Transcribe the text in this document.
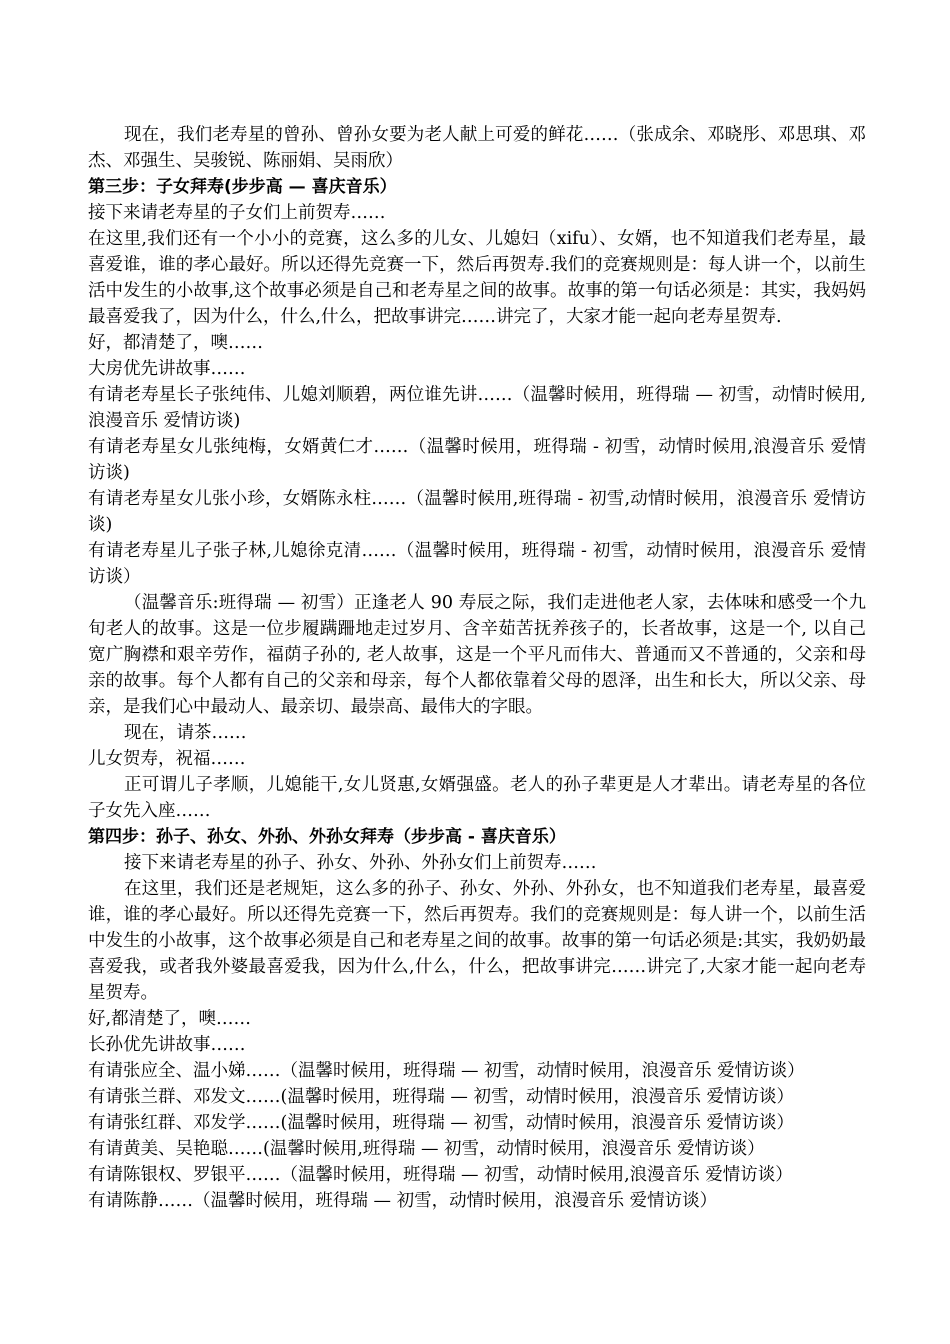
现在，我们老寿星的曾孙、曾孙女要为老人献上可爱的鲜花……（张成余、邓晓彤、邓思琪、邓杰、邓强生、吴骏锐、陈丽娟、吴雨欣）

第三步：子女拜寿(步步高 — 喜庆音乐）

接下来请老寿星的子女们上前贺寿……

在这里,我们还有一个小小的竞赛，这么多的儿女、儿媳妇（xifu）、女婿，也不知道我们老寿星，最喜爱谁，谁的孝心最好。所以还得先竞赛一下，然后再贺寿.我们的竞赛规则是：每人讲一个，以前生活中发生的小故事,这个故事必须是自己和老寿星之间的故事。故事的第一句话必须是：其实，我妈妈最喜爱我了，因为什么，什么,什么，把故事讲完……讲完了，大家才能一起向老寿星贺寿.

好，都清楚了，噢……

大房优先讲故事……

有请老寿星长子张纯伟、儿媳刘顺碧，两位谁先讲……（温馨时候用，班得瑞 — 初雪，动情时候用,浪漫音乐 爱情访谈)

有请老寿星女儿张纯梅，女婿黄仁才……（温馨时候用，班得瑞 - 初雪，动情时候用,浪漫音乐 爱情访谈)

有请老寿星女儿张小珍，女婿陈永柱……（温馨时候用,班得瑞 - 初雪,动情时候用，浪漫音乐 爱情访谈)

有请老寿星儿子张子林,儿媳徐克清……（温馨时候用，班得瑞 - 初雪，动情时候用，浪漫音乐 爱情访谈）

（温馨音乐:班得瑞 — 初雪）正逢老人 90 寿辰之际，我们走进他老人家，去体味和感受一个九旬老人的故事。这是一位步履蹒跚地走过岁月、含辛茹苦抚养孩子的，长者故事，这是一个, 以自己宽广胸襟和艰辛劳作，福荫子孙的, 老人故事，这是一个平凡而伟大、普通而又不普通的，父亲和母亲的故事。每个人都有自己的父亲和母亲，每个人都依靠着父母的恩泽，出生和长大，所以父亲、母亲，是我们心中最动人、最亲切、最崇高、最伟大的字眼。

现在，请茶……

儿女贺寿，祝福……

正可谓儿子孝顺，儿媳能干,女儿贤惠,女婿强盛。老人的孙子辈更是人才辈出。请老寿星的各位子女先入座……

第四步：孙子、孙女、外孙、外孙女拜寿（步步高 - 喜庆音乐）

接下来请老寿星的孙子、孙女、外孙、外孙女们上前贺寿……

在这里，我们还是老规矩，这么多的孙子、孙女、外孙、外孙女，也不知道我们老寿星，最喜爱谁，谁的孝心最好。所以还得先竞赛一下，然后再贺寿。我们的竞赛规则是：每人讲一个，以前生活中发生的小故事，这个故事必须是自己和老寿星之间的故事。故事的第一句话必须是:其实，我奶奶最喜爱我，或者我外婆最喜爱我，因为什么,什么，什么，把故事讲完……讲完了,大家才能一起向老寿星贺寿。

好,都清楚了，噢……

长孙优先讲故事……

有请张应全、温小娣……（温馨时候用，班得瑞 — 初雪，动情时候用，浪漫音乐 爱情访谈）

有请张兰群、邓发文……(温馨时候用，班得瑞 — 初雪，动情时候用，浪漫音乐 爱情访谈）

有请张红群、邓发学……(温馨时候用，班得瑞 — 初雪，动情时候用，浪漫音乐 爱情访谈）

有请黄美、吴艳聪……(温馨时候用,班得瑞 — 初雪，动情时候用，浪漫音乐 爱情访谈）

有请陈银权、罗银平……（温馨时候用，班得瑞 — 初雪，动情时候用,浪漫音乐 爱情访谈）

有请陈静……（温馨时候用，班得瑞 — 初雪，动情时候用，浪漫音乐 爱情访谈）
